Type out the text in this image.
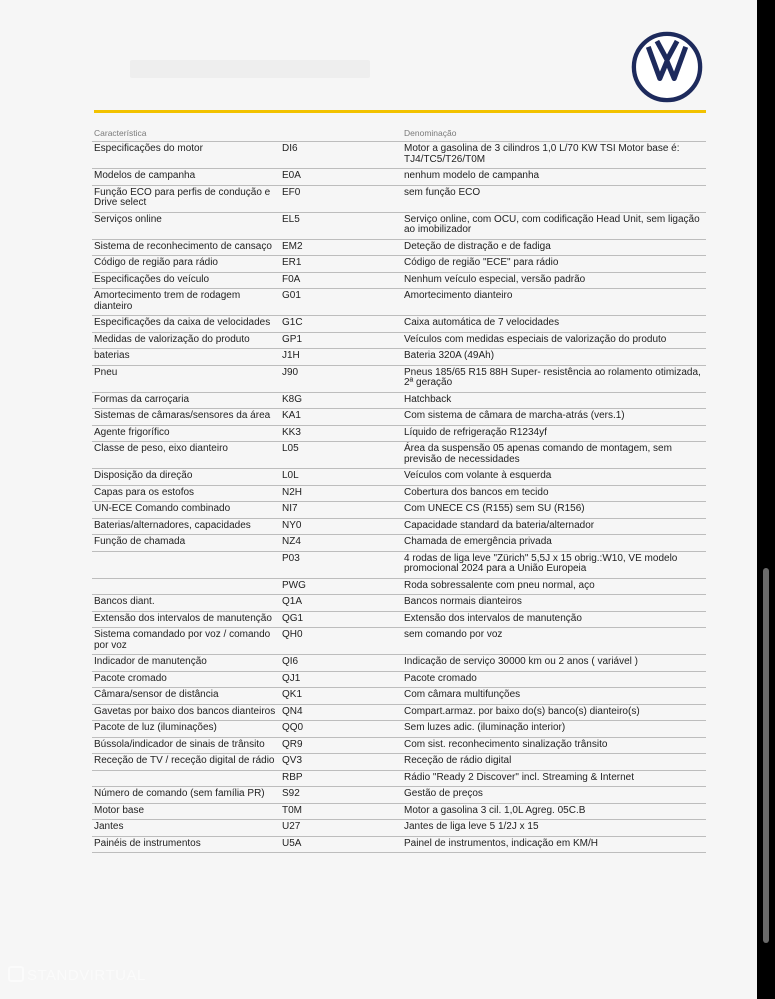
Característica		Denominação
Especificações do motor	DI6	Motor a gasolina de 3 cilindros 1,0 L/70 KW TSI Motor base é: TJ4/TC5/T26/T0M
Modelos de campanha	E0A	nenhum modelo de campanha
Função ECO para perfis de condução e Drive select	EF0	sem função ECO
Serviços online	EL5	Serviço online, com OCU, com codificação Head Unit, sem ligação ao imobilizador
Sistema de reconhecimento de cansaço	EM2	Deteção de distração e de fadiga
Código de região para rádio	ER1	Código de região "ECE" para rádio
Especificações do veículo	F0A	Nenhum veículo especial, versão padrão
Amortecimento trem de rodagem dianteiro	G01	Amortecimento dianteiro
Especificações da caixa de velocidades	G1C	Caixa automática de 7 velocidades
Medidas de valorização do produto	GP1	Veículos com medidas especiais de valorização do produto
baterias	J1H	Bateria 320A (49Ah)
Pneu	J90	Pneus 185/65 R15 88H Super- resistência ao rolamento otimizada, 2ª geração
Formas da carroçaria	K8G	Hatchback
Sistemas de câmaras/sensores da área	KA1	Com sistema de câmara de marcha-atrás (vers.1)
Agente frigorífico	KK3	Líquido de refrigeração R1234yf
Classe de peso, eixo dianteiro	L05	Área da suspensão 05 apenas comando de montagem, sem previsão de necessidades
Disposição da direção	L0L	Veículos com volante à esquerda
Capas para os estofos	N2H	Cobertura dos bancos em tecido
UN-ECE Comando combinado	NI7	Com UNECE CS (R155) sem SU (R156)
Baterias/alternadores, capacidades	NY0	Capacidade standard da bateria/alternador
Função de chamada	NZ4	Chamada de emergência privada
	P03	4 rodas de liga leve "Zürich" 5,5J x 15 obrig.:W10, VE modelo promocional 2024 para a União Europeia
	PWG	Roda sobressalente com pneu normal, aço
Bancos diant.	Q1A	Bancos normais dianteiros
Extensão dos intervalos de manutenção	QG1	Extensão dos intervalos de manutenção
Sistema comandado por voz / comando por voz	QH0	sem comando por voz
Indicador de manutenção	QI6	Indicação de serviço 30000 km ou 2 anos ( variável )
Pacote cromado	QJ1	Pacote cromado
Câmara/sensor de distância	QK1	Com câmara multifunções
Gavetas por baixo dos bancos dianteiros	QN4	Compart.armaz. por baixo do(s) banco(s) dianteiro(s)
Pacote de luz (iluminações)	QQ0	Sem luzes adic. (iluminação interior)
Bússola/indicador de sinais de trânsito	QR9	Com sist. reconhecimento sinalização trânsito
Receção de TV / receção digital de rádio	QV3	Receção de rádio digital
	RBP	Rádio "Ready 2 Discover" incl. Streaming & Internet
Número de comando (sem família PR)	S92	Gestão de preços
Motor base	T0M	Motor a gasolina 3 cil. 1,0L Agreg. 05C.B
Jantes	U27	Jantes de liga leve 5 1/2J x 15
Painéis de instrumentos	U5A	Painel de instrumentos, indicação em KM/H
STANDVIRTUAL
